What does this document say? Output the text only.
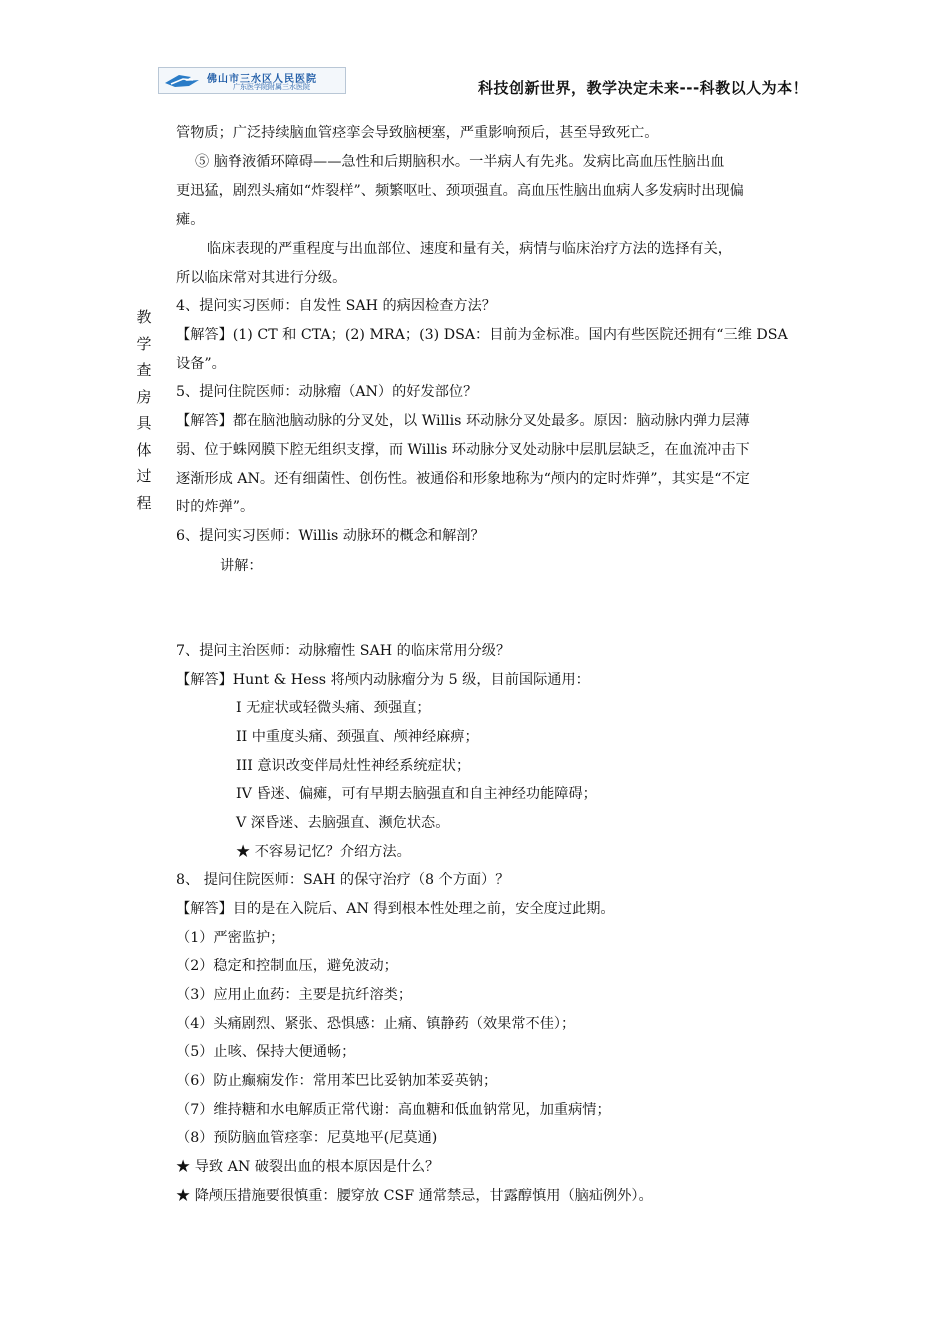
佛山市三水区人民医院
广东医学院附属三水医院	科技创新世界，教学决定未来---科教以人为本！
教
学
查
房
具
体
过
程
管物质；广泛持续脑血管痉挛会导致脑梗塞，严重影响预后，甚至导致死亡。
⑤ 脑脊液循环障碍——急性和后期脑积水。一半病人有先兆。发病比高血压性脑出血
更迅猛，剧烈头痛如“炸裂样”、频繁呕吐、颈项强直。高血压性脑出血病人多发病时出现偏
瘫。
临床表现的严重程度与出血部位、速度和量有关，病情与临床治疗方法的选择有关，
所以临床常对其进行分级。
4、提问实习医师：自发性 SAH 的病因检查方法？
【解答】(1) CT 和 CTA；(2) MRA；(3) DSA：目前为金标准。国内有些医院还拥有“三维 DSA
设备”。
5、提问住院医师：动脉瘤（AN）的好发部位？
【解答】都在脑池脑动脉的分叉处，以 Willis 环动脉分叉处最多。原因：脑动脉内弹力层薄
弱、位于蛛网膜下腔无组织支撑，而 Willis 环动脉分叉处动脉中层肌层缺乏，在血流冲击下
逐渐形成 AN。还有细菌性、创伤性。被通俗和形象地称为“颅内的定时炸弹”，其实是“不定
时的炸弹”。
6、提问实习医师：Willis 动脉环的概念和解剖？
讲解：
7、提问主治医师：动脉瘤性 SAH 的临床常用分级？
【解答】Hunt & Hess 将颅内动脉瘤分为 5 级，目前国际通用：
I 无症状或轻微头痛、颈强直；
II 中重度头痛、颈强直、颅神经麻痹；
III 意识改变伴局灶性神经系统症状；
IV 昏迷、偏瘫，可有早期去脑强直和自主神经功能障碍；
V 深昏迷、去脑强直、濒危状态。
★ 不容易记忆？介绍方法。
8、 提问住院医师：SAH 的保守治疗（8 个方面）？
【解答】目的是在入院后、AN 得到根本性处理之前，安全度过此期。
（1）严密监护；
（2）稳定和控制血压，避免波动；
（3）应用止血药：主要是抗纤溶类；
（4）头痛剧烈、紧张、恐惧感：止痛、镇静药（效果常不佳）；
（5）止咳、保持大便通畅；
（6）防止癫痫发作：常用苯巴比妥钠加苯妥英钠；
（7）维持糖和水电解质正常代谢：高血糖和低血钠常见，加重病情；
（8）预防脑血管痉挛：尼莫地平(尼莫通)
★ 导致 AN 破裂出血的根本原因是什么？
★ 降颅压措施要很慎重：腰穿放 CSF 通常禁忌，甘露醇慎用（脑疝例外）。
